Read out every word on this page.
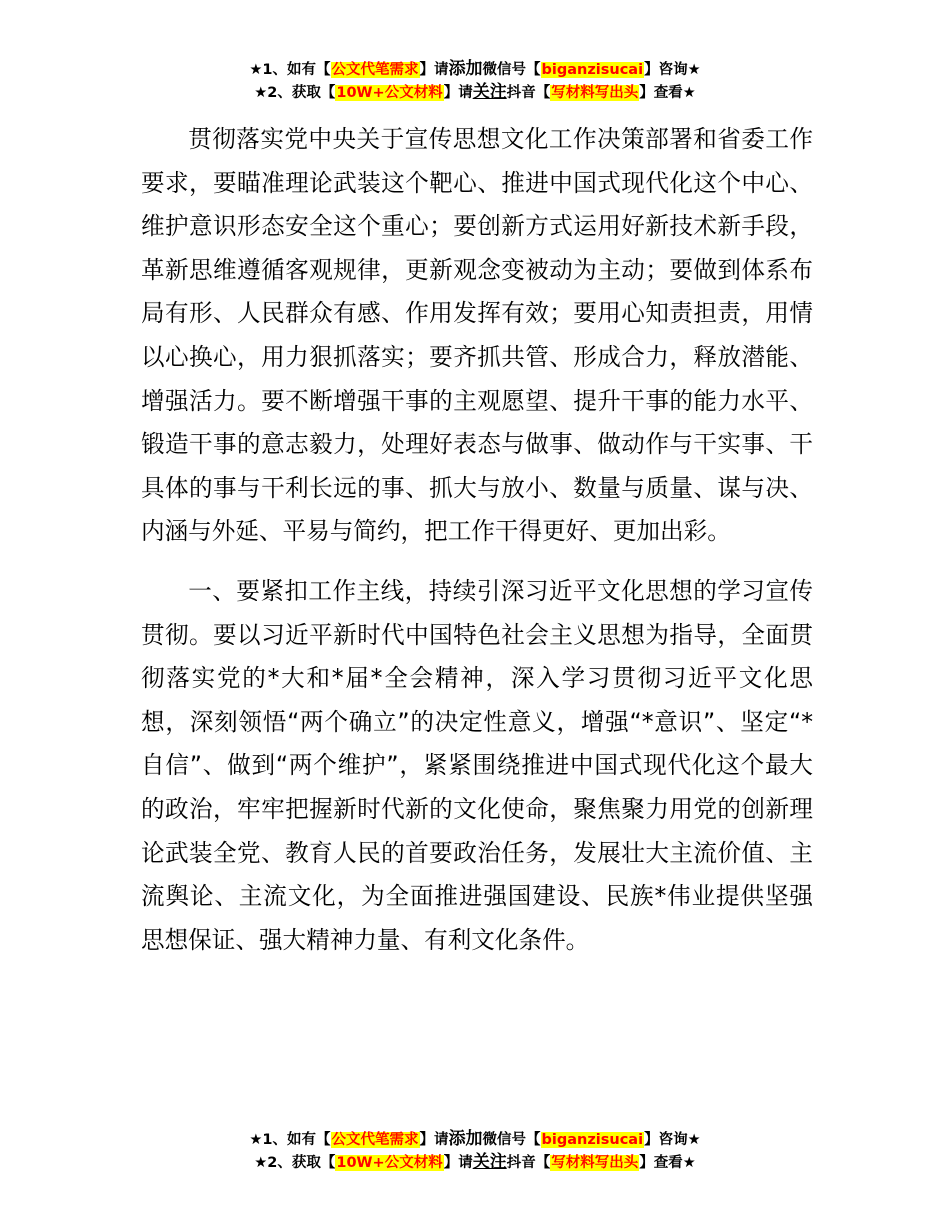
★1、如有【公文代笔需求】请添加微信号【biganzisucai】咨询★
★2、获取【10W+公文材料】请关注抖音【写材料写出头】查看★

贯彻落实党中央关于宣传思想文化工作决策部署和省委工作要求，要瞄准理论武装这个靶心、推进中国式现代化这个中心、维护意识形态安全这个重心；要创新方式运用好新技术新手段，革新思维遵循客观规律，更新观念变被动为主动；要做到体系布局有形、人民群众有感、作用发挥有效；要用心知责担责，用情以心换心，用力狠抓落实；要齐抓共管、形成合力，释放潜能、增强活力。要不断增强干事的主观愿望、提升干事的能力水平、锻造干事的意志毅力，处理好表态与做事、做动作与干实事、干具体的事与干利长远的事、抓大与放小、数量与质量、谋与决、内涵与外延、平易与简约，把工作干得更好、更加出彩。

一、要紧扣工作主线，持续引深习近平文化思想的学习宣传贯彻。要以习近平新时代中国特色社会主义思想为指导，全面贯彻落实党的*大和*届*全会精神，深入学习贯彻习近平文化思想，深刻领悟“两个确立”的决定性意义，增强“*意识”、坚定“*自信”、做到“两个维护”，紧紧围绕推进中国式现代化这个最大的政治，牢牢把握新时代新的文化使命，聚焦聚力用党的创新理论武装全党、教育人民的首要政治任务，发展壮大主流价值、主流舆论、主流文化，为全面推进强国建设、民族*伟业提供坚强思想保证、强大精神力量、有利文化条件。

★1、如有【公文代笔需求】请添加微信号【biganzisucai】咨询★
★2、获取【10W+公文材料】请关注抖音【写材料写出头】查看★
